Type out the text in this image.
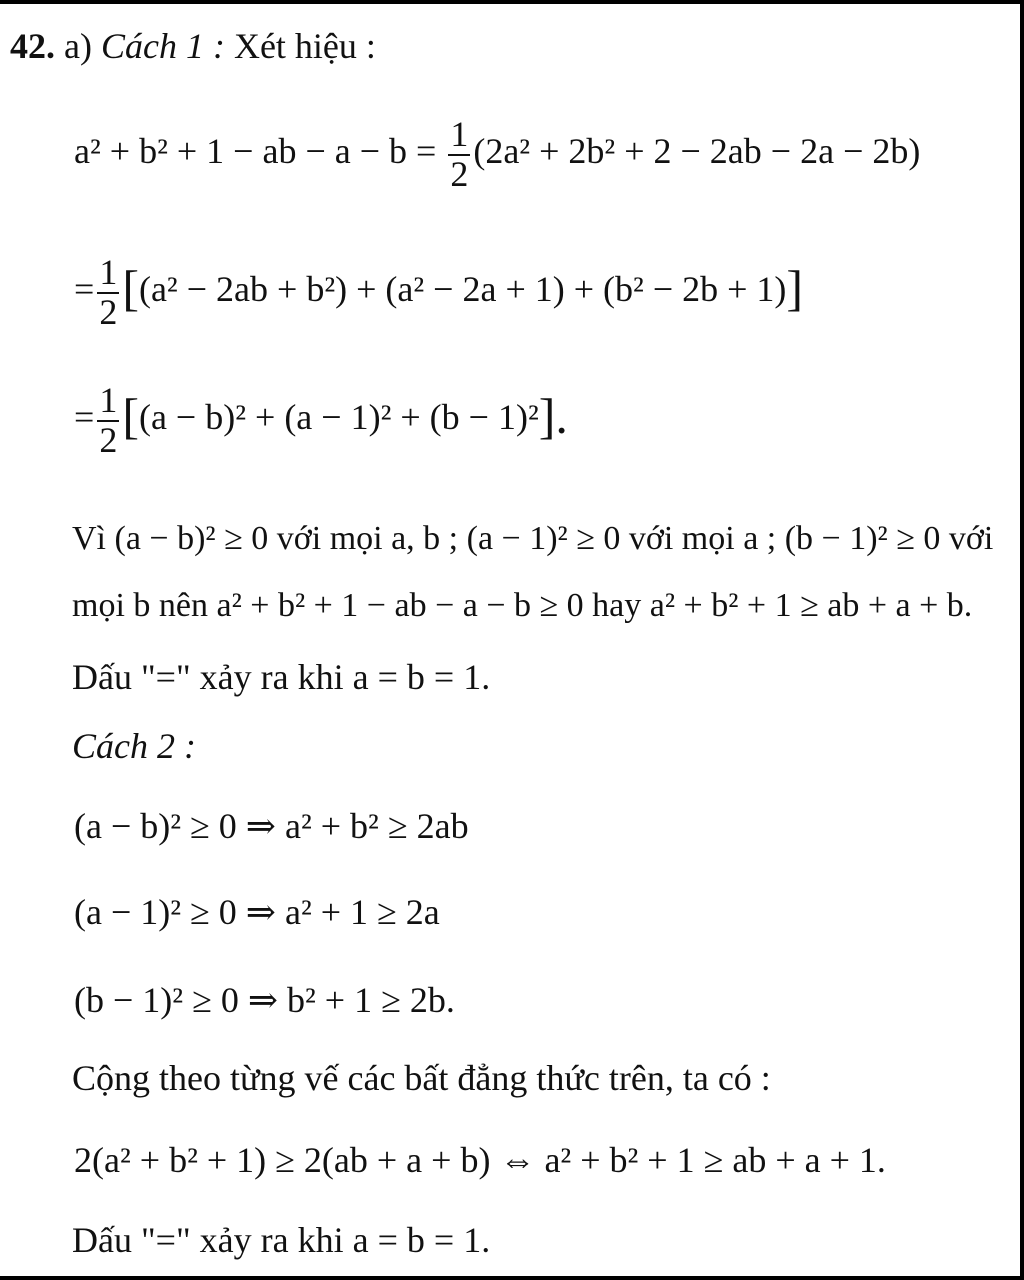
42. a) Cách 1 : Xét hiệu :
a² + b² + 1 − ab − $a - b = \frac{1}{2} (2a^2 + 2b^2 + 2 - 2ab - 2a - 2b)$
= $\frac{1}{2} [(a^2 - 2ab + b^2) + (a^2 - 2a + 1) + (b^2 - 2b + 1)]$
= $\frac{1}{2} [(a - b)^2 + (a - 1)^2 + (b - 1)^2]$.
Vì (a − b)² ≥ 0 với mọi a, b ; (a − 1)² ≥ 0 với mọi a ; (b − 1)² ≥ 0 với
mọi b nên a² + b² + 1 − ab − a − b ≥ 0 hay a² + b² + 1 ≥ ab + a + b.
Dấu "=" xảy ra khi a = b = 1.
Cách 2 :
(a − b)² ≥ 0 ⇒ a² + b² ≥ 2ab
(a − 1)² ≥ 0 ⇒ a² + 1 ≥ 2a
(b − 1)² ≥ 0 ⇒ b² + 1 ≥ 2b.
Cộng theo từng vế các bất đẳng thức trên, ta có :
2(a² + b² + 1) ≥ 2(ab + a + b) ⇔ a² + b² + 1 ≥ ab + a + 1.
Dấu "=" xảy ra khi a = b = 1.
